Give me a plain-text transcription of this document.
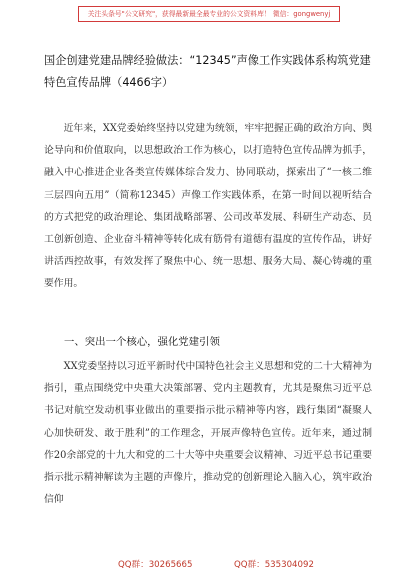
关注头条号"公文研究"，获得最新最全最专业的公文资料库！ 微信：gongwenyj
国企创建党建品牌经验做法：“12345”声像工作实践体系构筑党建特色宣传品牌（4466字）

近年来，XX党委始终坚持以党建为统领，牢牢把握正确的政治方向、舆论导向和价值取向，以思想政治工作为核心，以打造特色宣传品牌为抓手，融入中心推进企业各类宣传媒体综合发力、协同联动，探索出了“一核二维三层四向五用”（简称12345）声像工作实践体系，在第一时间以视听结合的方式把党的政治理论、集团战略部署、公司改革发展、科研生产动态、员工创新创造、企业奋斗精神等转化成有筋骨有道德有温度的宣传作品，讲好讲活西控故事，有效发挥了聚焦中心、统一思想、服务大局、凝心铸魂的重要作用。

一、突出一个核心，强化党建引领

XX党委坚持以习近平新时代中国特色社会主义思想和党的二十大精神为指引，重点围绕党中央重大决策部署、党内主题教育，尤其是聚焦习近平总书记对航空发动机事业做出的重要指示批示精神等内容，践行集团“凝聚人心加快研发、敢于胜利”的工作理念，开展声像特色宣传。近年来，通过制作20余部党的十九大和党的二十大等中央重要会议精神、习近平总书记重要指示批示精神解读为主题的声像片，推动党的创新理论入脑入心，筑牢政治信仰

QQ群：30265665	QQ群：535304092
